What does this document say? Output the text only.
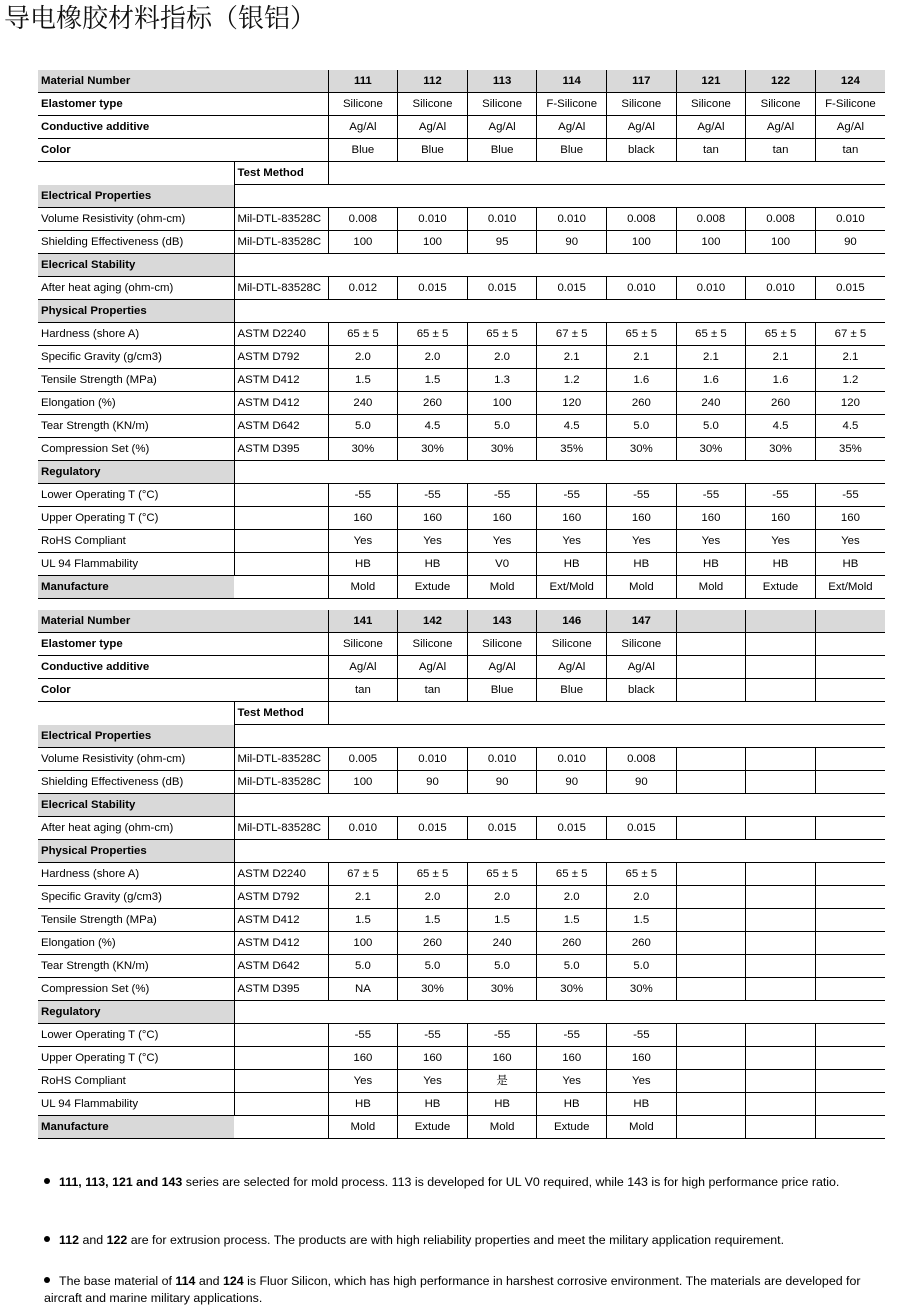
导电橡胶材料指标（银铝）
Material Number		111	112	113	114	117	121	122	124
Elastomer type		Silicone	Silicone	Silicone	F-Silicone	Silicone	Silicone	Silicone	F-Silicone
Conductive additive		Ag/Al	Ag/Al	Ag/Al	Ag/Al	Ag/Al	Ag/Al	Ag/Al	Ag/Al
Color		Blue	Blue	Blue	Blue	black	tan	tan	tan
	Test Method								
Electrical Properties									
Volume Resistivity (ohm-cm)	Mil-DTL-83528C	0.008	0.010	0.010	0.010	0.008	0.008	0.008	0.010
Shielding Effectiveness (dB)	Mil-DTL-83528C	100	100	95	90	100	100	100	90
Elecrical Stability									
After heat aging (ohm-cm)	Mil-DTL-83528C	0.012	0.015	0.015	0.015	0.010	0.010	0.010	0.015
Physical Properties									
Hardness (shore A)	ASTM D2240	65 ± 5	65 ± 5	65 ± 5	67 ± 5	65 ± 5	65 ± 5	65 ± 5	67 ± 5
Specific Gravity (g/cm3)	ASTM D792	2.0	2.0	2.0	2.1	2.1	2.1	2.1	2.1
Tensile Strength (MPa)	ASTM D412	1.5	1.5	1.3	1.2	1.6	1.6	1.6	1.2
Elongation (%)	ASTM D412	240	260	100	120	260	240	260	120
Tear Strength (KN/m)	ASTM D642	5.0	4.5	5.0	4.5	5.0	5.0	4.5	4.5
Compression Set (%)	ASTM D395	30%	30%	30%	35%	30%	30%	30%	35%
Regulatory									
Lower Operating T (°C)		-55	-55	-55	-55	-55	-55	-55	-55
Upper Operating T (°C)		160	160	160	160	160	160	160	160
RoHS Compliant		Yes	Yes	Yes	Yes	Yes	Yes	Yes	Yes
UL 94 Flammability		HB	HB	V0	HB	HB	HB	HB	HB
Manufacture		Mold	Extude	Mold	Ext/Mold	Mold	Mold	Extude	Ext/Mold
Material Number		141	142	143	146	147			
Elastomer type		Silicone	Silicone	Silicone	Silicone	Silicone			
Conductive additive		Ag/Al	Ag/Al	Ag/Al	Ag/Al	Ag/Al			
Color		tan	tan	Blue	Blue	black			
	Test Method								
Electrical Properties									
Volume Resistivity (ohm-cm)	Mil-DTL-83528C	0.005	0.010	0.010	0.010	0.008			
Shielding Effectiveness (dB)	Mil-DTL-83528C	100	90	90	90	90			
Elecrical Stability									
After heat aging (ohm-cm)	Mil-DTL-83528C	0.010	0.015	0.015	0.015	0.015			
Physical Properties									
Hardness (shore A)	ASTM D2240	67 ± 5	65 ± 5	65 ± 5	65 ± 5	65 ± 5			
Specific Gravity (g/cm3)	ASTM D792	2.1	2.0	2.0	2.0	2.0			
Tensile Strength (MPa)	ASTM D412	1.5	1.5	1.5	1.5	1.5			
Elongation (%)	ASTM D412	100	260	240	260	260			
Tear Strength (KN/m)	ASTM D642	5.0	5.0	5.0	5.0	5.0			
Compression Set (%)	ASTM D395	NA	30%	30%	30%	30%			
Regulatory									
Lower Operating T (°C)		-55	-55	-55	-55	-55			
Upper Operating T (°C)		160	160	160	160	160			
RoHS Compliant		Yes	Yes	是	Yes	Yes			
UL 94 Flammability		HB	HB	HB	HB	HB			
Manufacture		Mold	Extude	Mold	Extude	Mold			
111, 113, 121 and 143 series are selected for mold process. 113 is developed for UL V0 required, while 143 is for high performance price ratio.
112 and 122 are for extrusion process. The products are with high reliability properties and meet the military application requirement.
The base material of 114 and 124 is Fluor Silicon, which has high performance in harshest corrosive environment. The materials are developed for aircraft and marine military applications.
